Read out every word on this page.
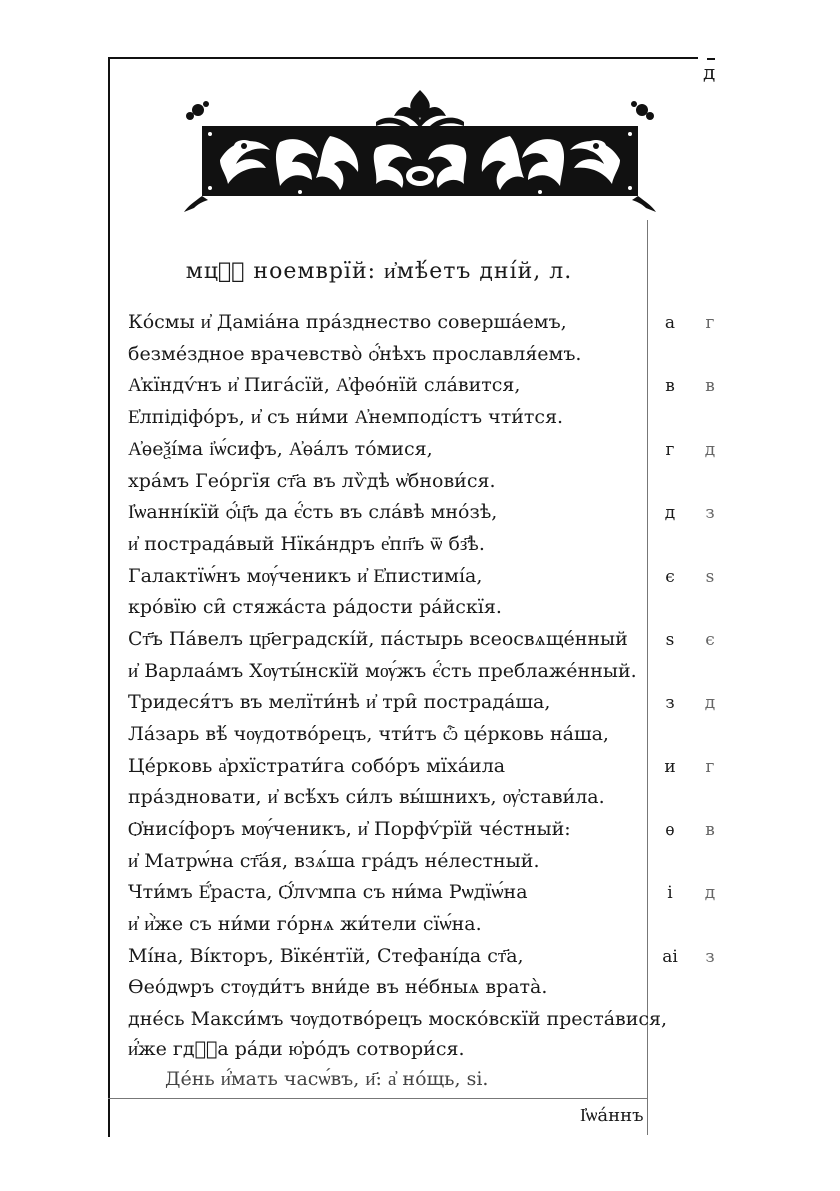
д
мцⷭ҇ ноемврїй: и҆мѣ́етъ дні́й, л.
Ко́смы и҆ Даміа́на пра́зднество соверша́емъ,
безме́здное врачевство̀ ѻ҆́нѣхъ прославля́емъ.
А҆кїндѵ́нъ и҆ Пига́сїй, А҆фѳо́нїй сла́вится,
Е҆лпідіфо́ръ, и҆ съ ни́ми А҆немподі́стъ чти́тся.
А҆ѳеѯі́ма і҆ѡ́сифъ, А҆ѳа́лъ то́мися,
хра́мъ Гео́ргїя ст҃а въ лѷдѣ ѡ҆бнови́ся.
І҆ѡанні́кїй ѻ҆́ц҃ъ да є҆́сть въ сла́вѣ мно́зѣ,
и҆ пострада́вый Нїка́ндръ е҆пп҃ъ ѿ бз҃ѣ.
Галактїѡ́нъ мѹ́ченикъ и҆ Е҆пистимі́а,
кро́вїю си̑ стяжа́ста ра́дости ра́йскїя.
Ст҃ъ Па́велъ цр҃еградскі́й, па́стырь всеосвѧще́нный
и҆ Варлаа́мъ Хѹты́нскїй мѹ́жъ є҆́сть преблаже́нный.
Тридеся́тъ въ мелїти́нѣ и҆ три̑ пострада́ша,
Ла́зарь вѣ́ чѹдотво́рецъ, чти́тъ ѽ це́рковь на́ша,
Це́рковь а҆рхїстрати́га собо́ръ мїха́ила
пра́здновати, и҆ всѣ́хъ си́лъ вы́шнихъ, ѹ҆стави́ла.
Ѻ҆нисі́форъ мѹ́ченикъ, и҆ Порфѵ́рїй че́стный:
и҆ Матрѡ́на ст҃а́я, взѧ́ша гра́дъ не́лестный.
Чти́мъ Е҆́раста, Ѻ҆́лѵмпа съ ни́ма Рѡдїѡ́на
и҆ и҆̀же съ ни́ми го́рнѧ жи́тели сїѡ́на.
Мі́на, Ві́кторъ, Вїке́нтїй, Стефані́да ст҃а,
Ѳео́дѡръ стѹди́тъ вни́де въ не́бныѧ врата̀.
дне́сь Макси́мъ чѹдотво́рецъ моско́вскїй преста́вися,
и҆́же гдⷭ҇а ра́ди ю҆ро́дъ сотвори́ся.
а
в
г
д
є
ѕ
з
и
ѳ
і
аі
г
в
д
з
ѕ
є
д
г
в
д
з
Де́нь и҆́мать часѡ́въ, и҃: а҆ но́щь, ѕі.
І҆ѡа́ннъ
